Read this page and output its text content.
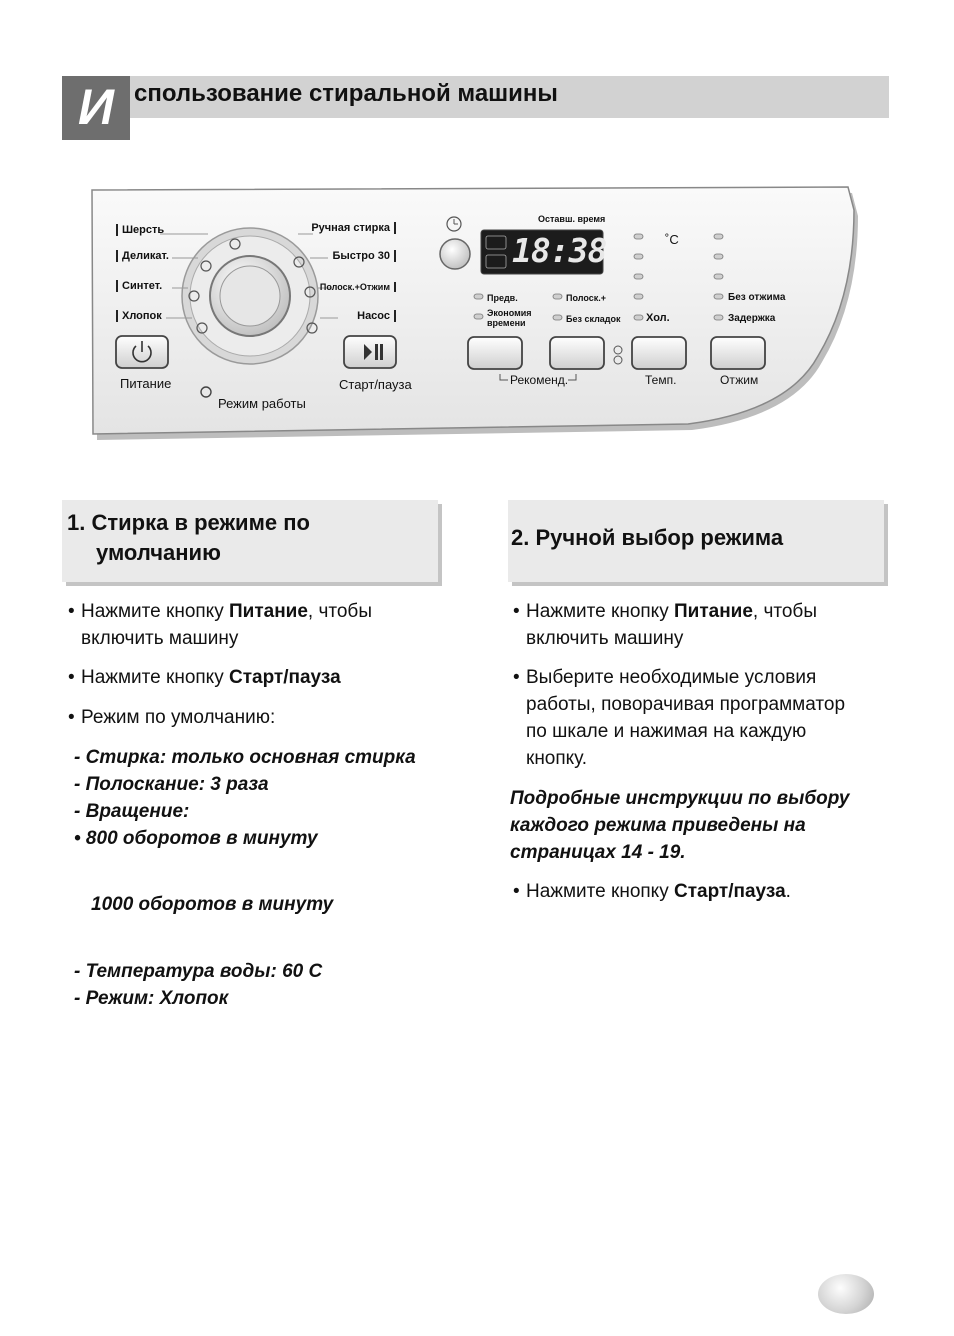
И спользование стиральной машины
Шерсть
Деликат.
Синтет.
Хлопок
Ручная стирка
Быстро 30
Полоск.+Отжим
Насос
Питание	Старт/пауза
Режим работы
Оставш. время
18:38	˚C
Предв.	Полоск.+
Экономия времени	Без складок Хол.
Без отжима
Задержка
Рекоменд.	Темп.	Отжим
1. Стирка в режиме по
умолчанию
• Нажмите кнопку Питание, чтобы
включить машину
• Нажмите кнопку Старт/пауза
• Режим по умолчанию:
- Стирка: только основная стирка
- Полоскание: 3 раза
- Вращение:
• 800 оборотов в минуту
1000 оборотов в минуту
- Температура воды: 60 С
- Режим: Хлопок
2. Ручной выбор режима
• Нажмите кнопку Питание, чтобы
включить машину
• Выберите необходимые условия
работы, поворачивая программатор
по шкале и нажимая на каждую
кнопку.
Подробные инструкции по выбору
каждого режима приведены на
страницах 14 - 19.
• Нажмите кнопку Старт/пауза.
